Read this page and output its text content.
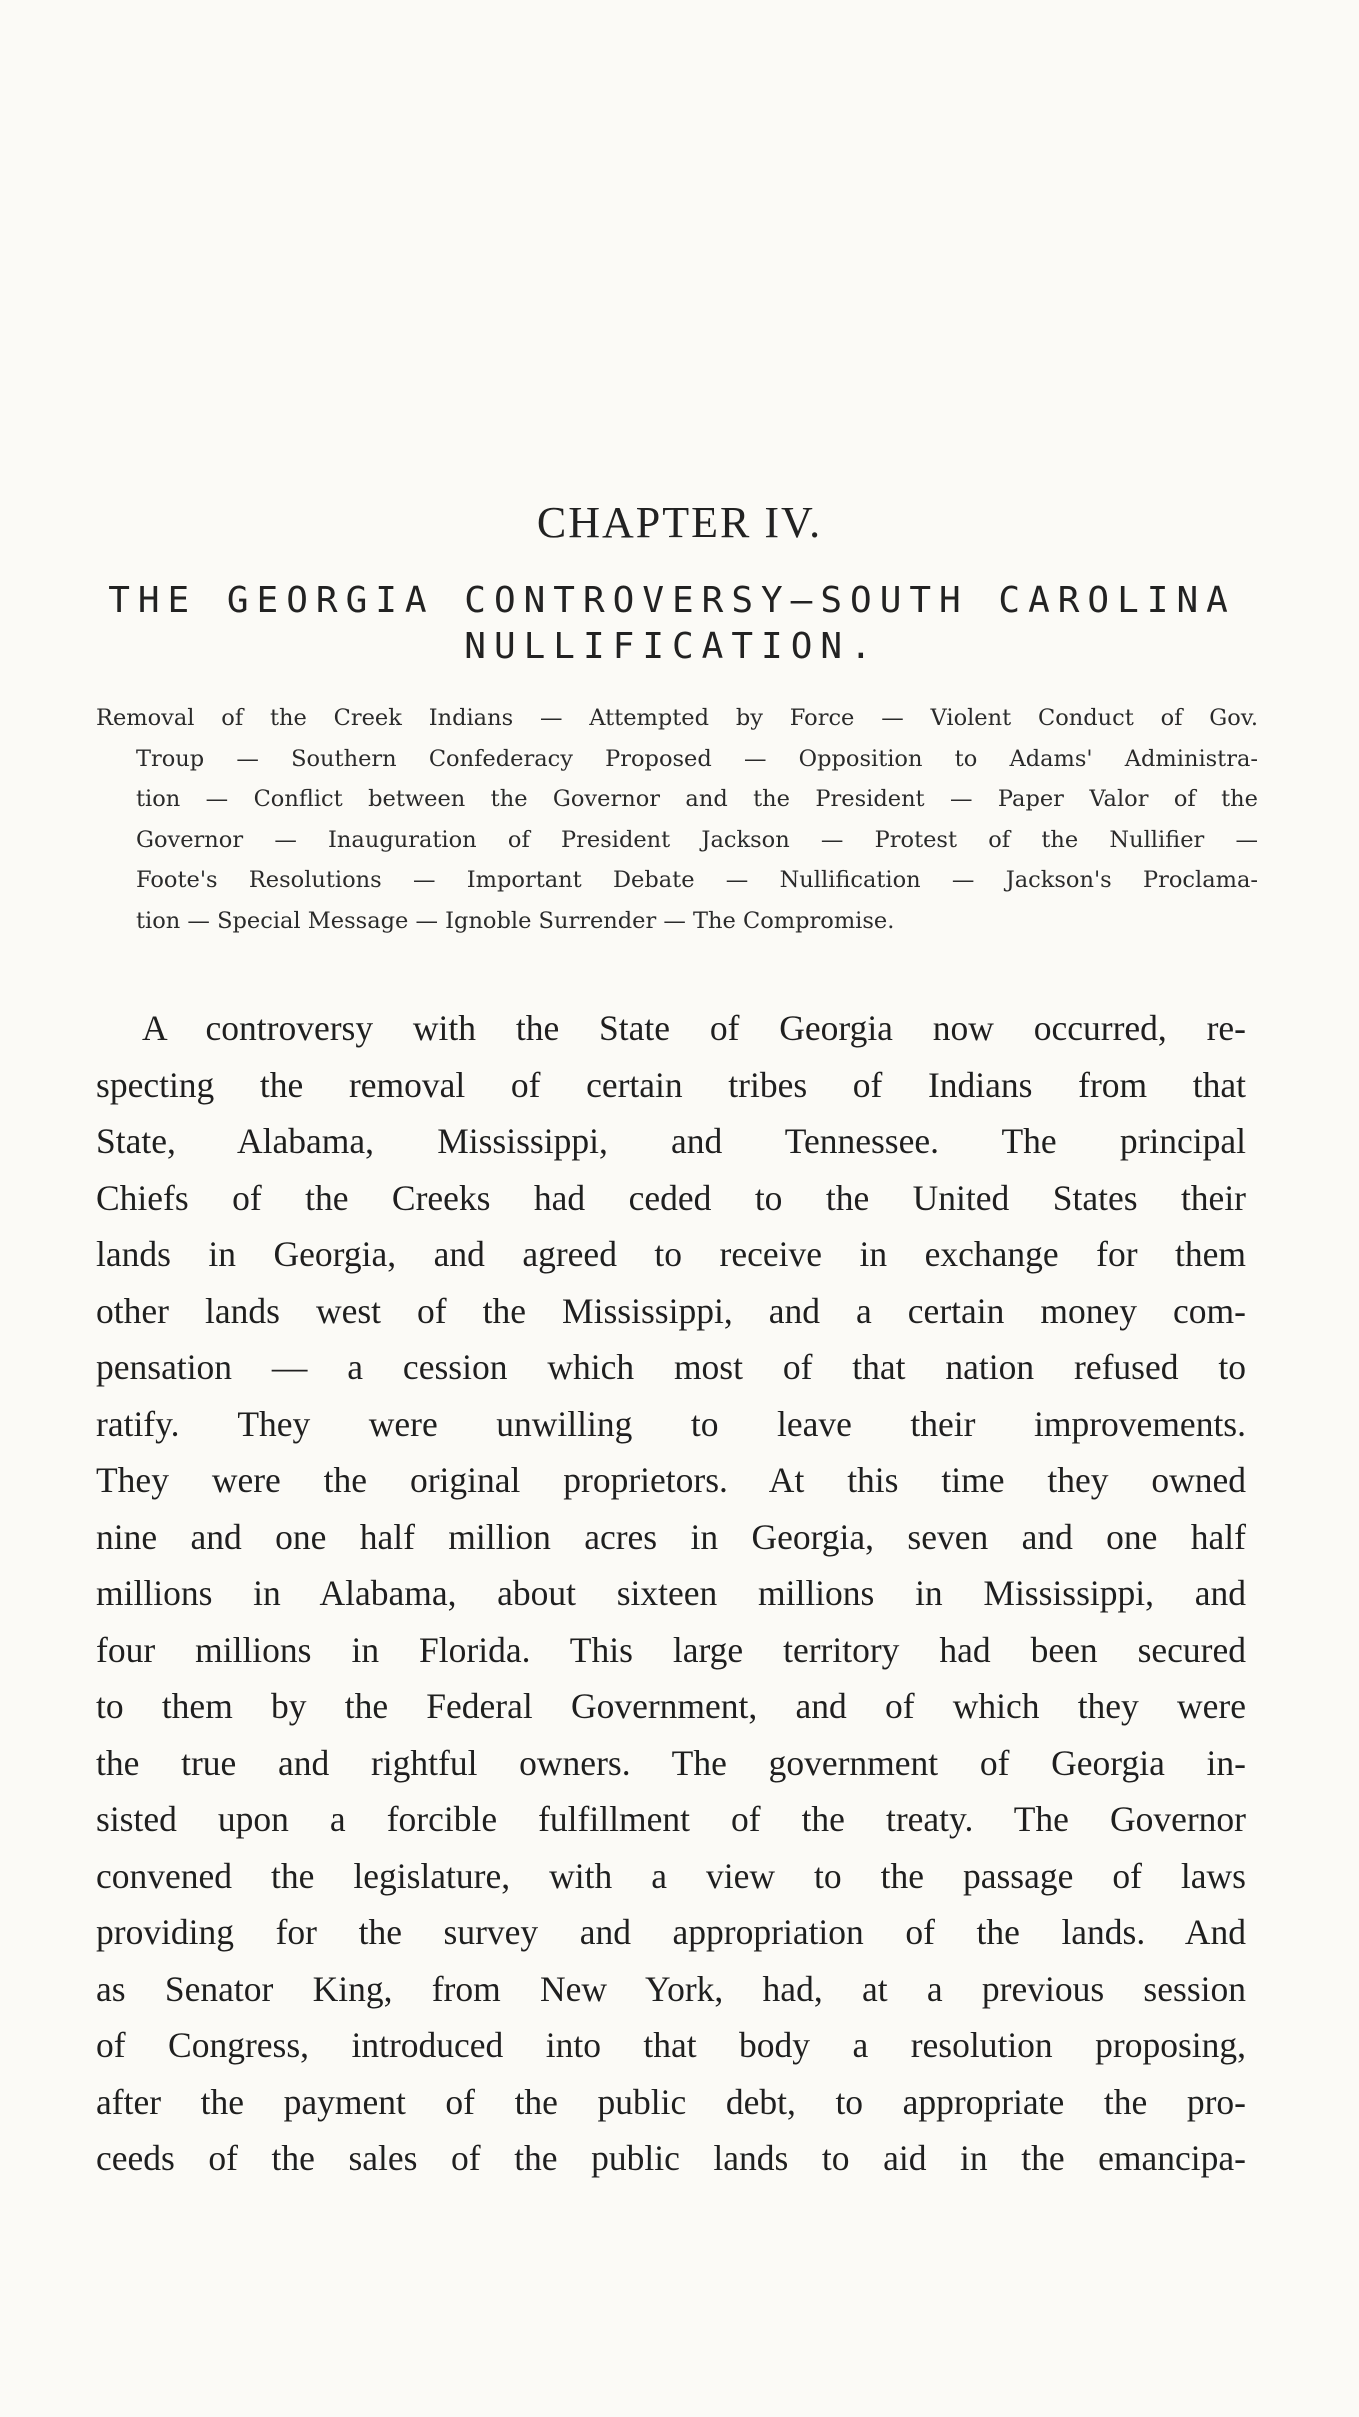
CHAPTER IV.
THE GEORGIA CONTROVERSY—SOUTH CAROLINA
NULLIFICATION.
Removal of the Creek Indians — Attempted by Force — Violent Conduct of Gov.
Troup — Southern Confederacy Proposed — Opposition to Adams' Administra-
tion — Conflict between the Governor and the President — Paper Valor of the
Governor — Inauguration of President Jackson — Protest of the Nullifier —
Foote's Resolutions — Important Debate — Nullification — Jackson's Proclama-
tion — Special Message — Ignoble Surrender — The Compromise.
A controversy with the State of Georgia now occurred, re-
specting the removal of certain tribes of Indians from that
State, Alabama, Mississippi, and Tennessee. The principal
Chiefs of the Creeks had ceded to the United States their
lands in Georgia, and agreed to receive in exchange for them
other lands west of the Mississippi, and a certain money com-
pensation — a cession which most of that nation refused to
ratify. They were unwilling to leave their improvements.
They were the original proprietors. At this time they owned
nine and one half million acres in Georgia, seven and one half
millions in Alabama, about sixteen millions in Mississippi, and
four millions in Florida. This large territory had been secured
to them by the Federal Government, and of which they were
the true and rightful owners. The government of Georgia in-
sisted upon a forcible fulfillment of the treaty. The Governor
convened the legislature, with a view to the passage of laws
providing for the survey and appropriation of the lands. And
as Senator King, from New York, had, at a previous session
of Congress, introduced into that body a resolution proposing,
after the payment of the public debt, to appropriate the pro-
ceeds of the sales of the public lands to aid in the emancipa-
